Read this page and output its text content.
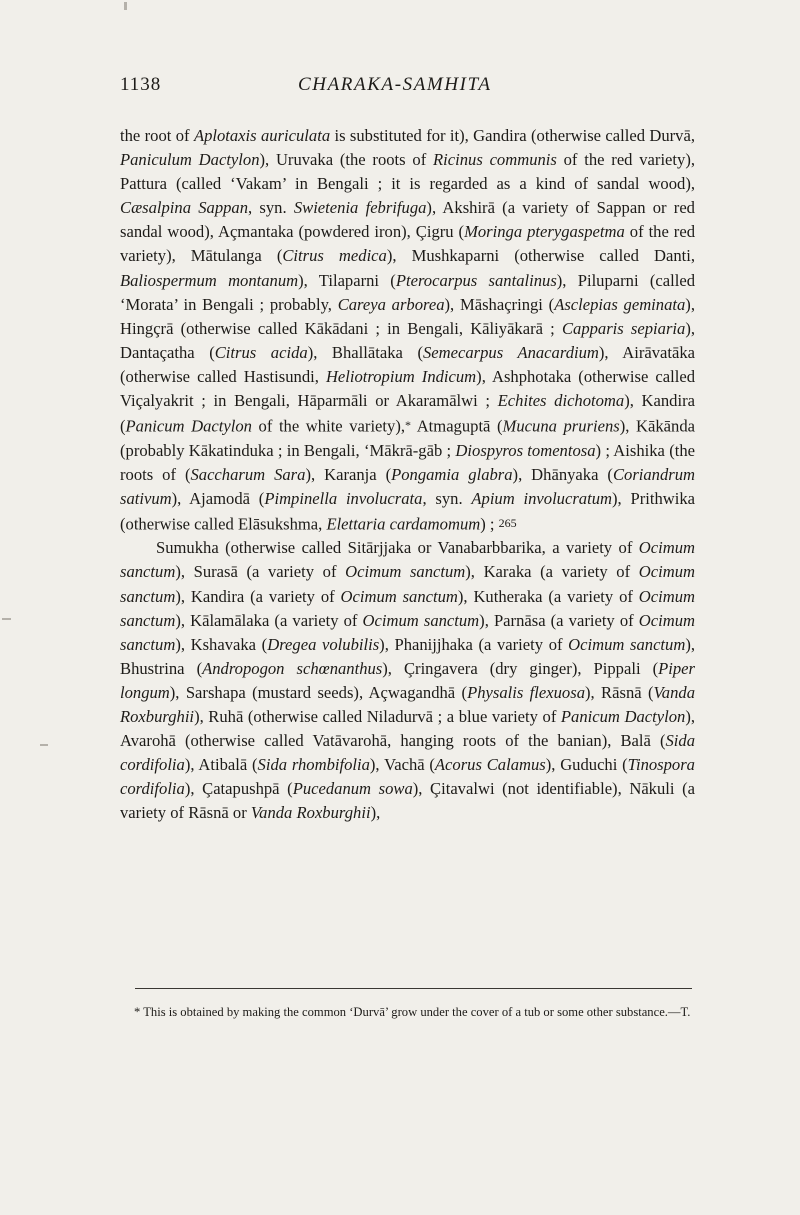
1138	CHARAKA-SAMHITA

the root of Aplotaxis auriculata is substituted for it), Gandira (otherwise called Durvā, Paniculum Dactylon), Uruvaka (the roots of Ricinus communis of the red variety), Pattura (called ‘Vakam’ in Bengali ; it is regarded as a kind of sandal wood), Cæsalpina Sappan, syn. Swietenia febrifuga), Akshirā (a variety of Sappan or red sandal wood), Açmantaka (powdered iron), Çigru (Moringa pterygaspetma of the red variety), Mātulanga (Citrus medica), Mushkaparni (otherwise called Danti, Baliospermum montanum), Tilaparni (Pterocarpus santalinus), Piluparni (called ‘Morata’ in Bengali ; probably, Careya arborea), Māshaçringi (Asclepias geminata), Hingçrā (otherwise called Kākādani ; in Bengali, Kāliyākarā ; Capparis sepiaria), Dantaçatha (Citrus acida), Bhallātaka (Semecarpus Anacardium), Airāvatāka (otherwise called Hastisundi, Heliotropium Indicum), Ashphotaka (otherwise called Viçalyakrit ; in Bengali, Hāparmāli or Akaramālwi ; Echites dichotoma), Kandira (Panicum Dactylon of the white variety),* Atmaguptā (Mucuna pruriens), Kākānda (probably Kākatinduka ; in Bengali, ‘Mākrā-gāb ; Diospyros tomentosa) ; Aishika (the roots of (Saccharum Sara), Karanja (Pongamia glabra), Dhānyaka (Coriandrum sativum), Ajamodā (Pimpinella involucrata, syn. Apium involucratum), Prithwika (otherwise called Elāsukshma, Elettaria cardamomum) ; 265

Sumukha (otherwise called Sitārjjaka or Vanabarbbarika, a variety of Ocimum sanctum), Surasā (a variety of Ocimum sanctum), Karaka (a variety of Ocimum sanctum), Kandira (a variety of Ocimum sanctum), Kutheraka (a variety of Ocimum sanctum), Kālamālaka (a variety of Ocimum sanctum), Parnāsa (a variety of Ocimum sanctum), Kshavaka (Dregea volubilis), Phanijjhaka (a variety of Ocimum sanctum), Bhustrina (Andropogon schœnanthus), Çringavera (dry ginger), Pippali (Piper longum), Sarshapa (mustard seeds), Açwagandhā (Physalis flexuosa), Rāsnā (Vanda Roxburghii), Ruhā (otherwise called Niladurvā ; a blue variety of Panicum Dactylon), Avarohā (otherwise called Vatāvarohā, hanging roots of the banian), Balā (Sida cordifolia), Atibalā (Sida rhombifolia), Vachā (Acorus Calamus), Guduchi (Tinospora cordifolia), Çatapushpā (Pucedanum sowa), Çitavalwi (not identifiable), Nākuli (a variety of Rāsnā or Vanda Roxburghii),

* This is obtained by making the common ‘Durvā’ grow under the cover of a tub or some other substance.—T.
